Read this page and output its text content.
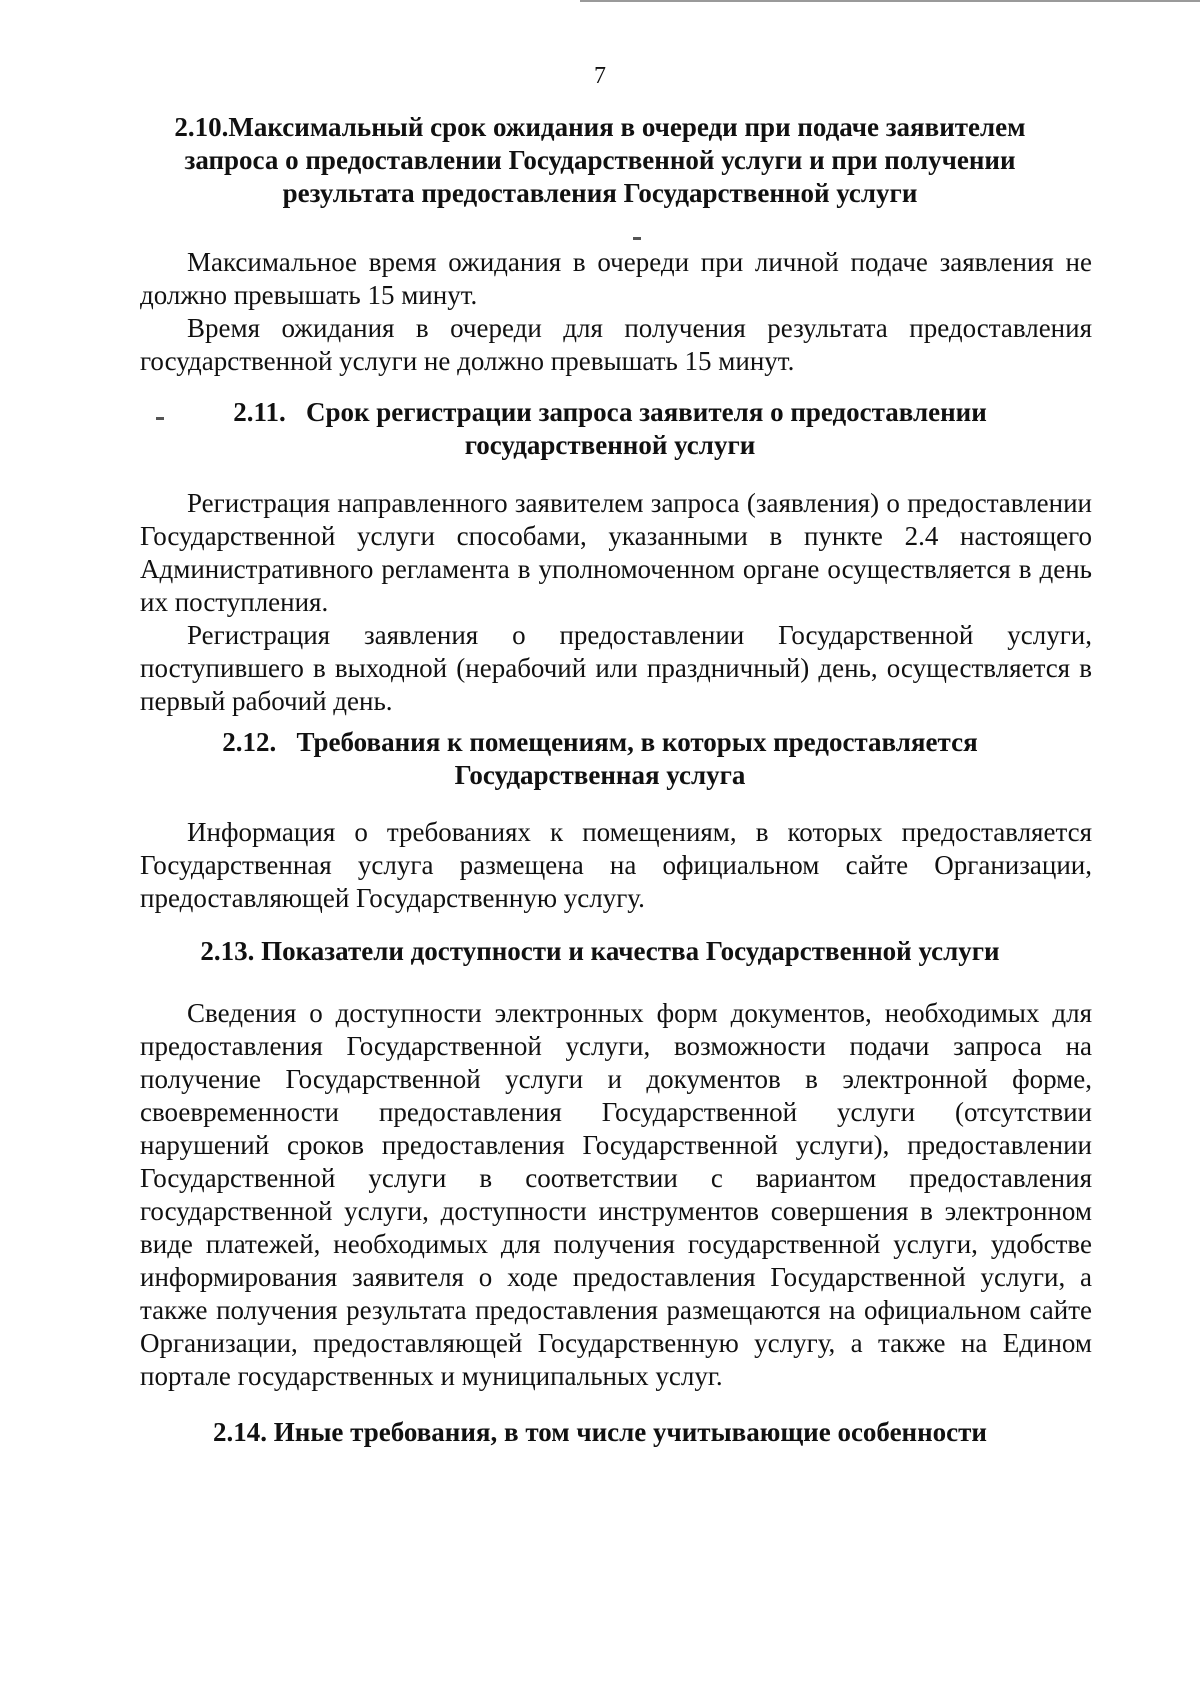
7
2.10.Максимальный срок ожидания в очереди при подаче заявителем
запроса о предоставлении Государственной услуги и при получении
результата предоставления Государственной услуги

Максимальное время ожидания в очереди при личной подаче заявления не должно превышать 15 минут.

Время ожидания в очереди для получения результата предоставления государственной услуги не должно превышать 15 минут.

2.11.   Срок регистрации запроса заявителя о предоставлении
государственной услуги

Регистрация направленного заявителем запроса (заявления) о предоставлении Государственной услуги способами, указанными в пункте 2.4 настоящего Административного регламента в уполномоченном органе осуществляется в день их поступления.

Регистрация заявления о предоставлении Государственной услуги, поступившего в выходной (нерабочий или праздничный) день, осуществляется в первый рабочий день.

2.12.   Требования к помещениям, в которых предоставляется
Государственная услуга

Информация о требованиях к помещениям, в которых предоставляется Государственная услуга размещена на официальном сайте Организации, предоставляющей Государственную услугу.

2.13. Показатели доступности и качества Государственной услуги

Сведения о доступности электронных форм документов, необходимых для предоставления Государственной услуги, возможности подачи запроса на получение Государственной услуги и документов в электронной форме, своевременности предоставления Государственной услуги (отсутствии нарушений сроков предоставления Государственной услуги), предоставлении Государственной услуги в соответствии с вариантом предоставления государственной услуги, доступности инструментов совершения в электронном виде платежей, необходимых для получения государственной услуги, удобстве информирования заявителя о ходе предоставления Государственной услуги, а также получения результата предоставления размещаются на официальном сайте Организации, предоставляющей Государственную услугу, а также на Едином портале государственных и муниципальных услуг.

2.14. Иные требования, в том числе учитывающие особенности
